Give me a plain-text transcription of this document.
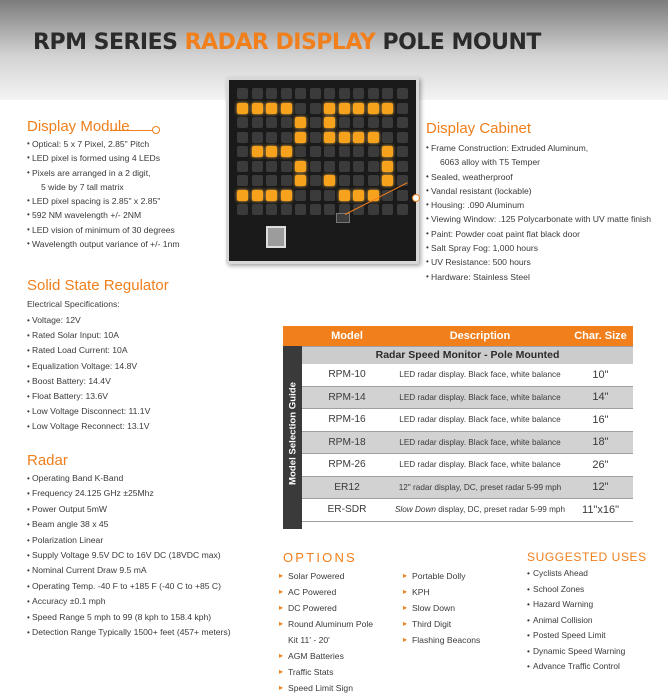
RPM SERIES RADAR DISPLAY POLE MOUNT
Display Module
• Optical: 5 x 7 Pixel, 2.85" Pitch
• LED pixel is formed using 4 LEDs
• Pixels are arranged in a 2 digit,
5 wide by 7 tall matrix
• LED pixel spacing is 2.85" x 2.85"
• 592 NM wavelength +/- 2NM
• LED vision of minimum of 30 degrees
• Wavelength output variance of +/- 1nm
Display Cabinet
• Frame Construction: Extruded Aluminum,
6063 alloy with T5 Temper
• Sealed, weatherproof
• Vandal resistant (lockable)
• Housing: .090 Aluminum
• Viewing Window: .125 Polycarbonate with UV matte finish
• Paint: Powder coat paint flat black door
• Salt Spray Fog: 1,000 hours
• UV Resistance: 500 hours
• Hardware: Stainless Steel
Solid State Regulator
Electrical Specifications:
• Voltage: 12V
• Rated Solar Input: 10A
• Rated Load Current: 10A
• Equalization Voltage: 14.8V
• Boost Battery: 14.4V
• Float Battery: 13.6V
• Low Voltage Disconnect: 11.1V
• Low Voltage Reconnect: 13.1V
Radar
• Operating Band K-Band
• Frequency 24.125 GHz ±25Mhz
• Power Output 5mW
• Beam angle 38 x 45
• Polarization Linear
• Supply Voltage 9.5V DC to 16V DC (18VDC max)
• Nominal Current Draw 9.5 mA
• Operating Temp. -40 F to +185 F (-40 C to +85 C)
• Accuracy ±0.1 mph
• Speed Range 5 mph to 99 (8 kph to 158.4 kph)
• Detection Range Typically 1500+ feet (457+ meters)
Model	Description	Char. Size
Radar Speed Monitor - Pole Mounted
RPM-10	LED radar display. Black face, white balance	10"
RPM-14	LED radar display. Black face, white balance	14"
RPM-16	LED radar display. Black face, white balance	16"
RPM-18	LED radar display. Black face, white balance	18"
RPM-26	LED radar display. Black face, white balance	26"
ER12	12" radar display, DC, preset radar 5-99 mph	12"
ER-SDR	Slow Down display, DC, preset radar 5-99 mph	11"x16"
Model Selection Guide
OPTIONS
▸ Solar Powered
▸ AC Powered
▸ DC Powered
▸ Round Aluminum Pole
Kit 11' - 20'
▸ AGM Batteries
▸ Traffic Stats
▸ Speed Limit Sign
▸ Portable Dolly
▸ KPH
▸ Slow Down
▸ Third Digit
▸ Flashing Beacons
SUGGESTED USES
• Cyclists Ahead
• School Zones
• Hazard Warning
• Animal Collision
• Posted Speed Limit
• Dynamic Speed Warning
• Advance Traffic Control
